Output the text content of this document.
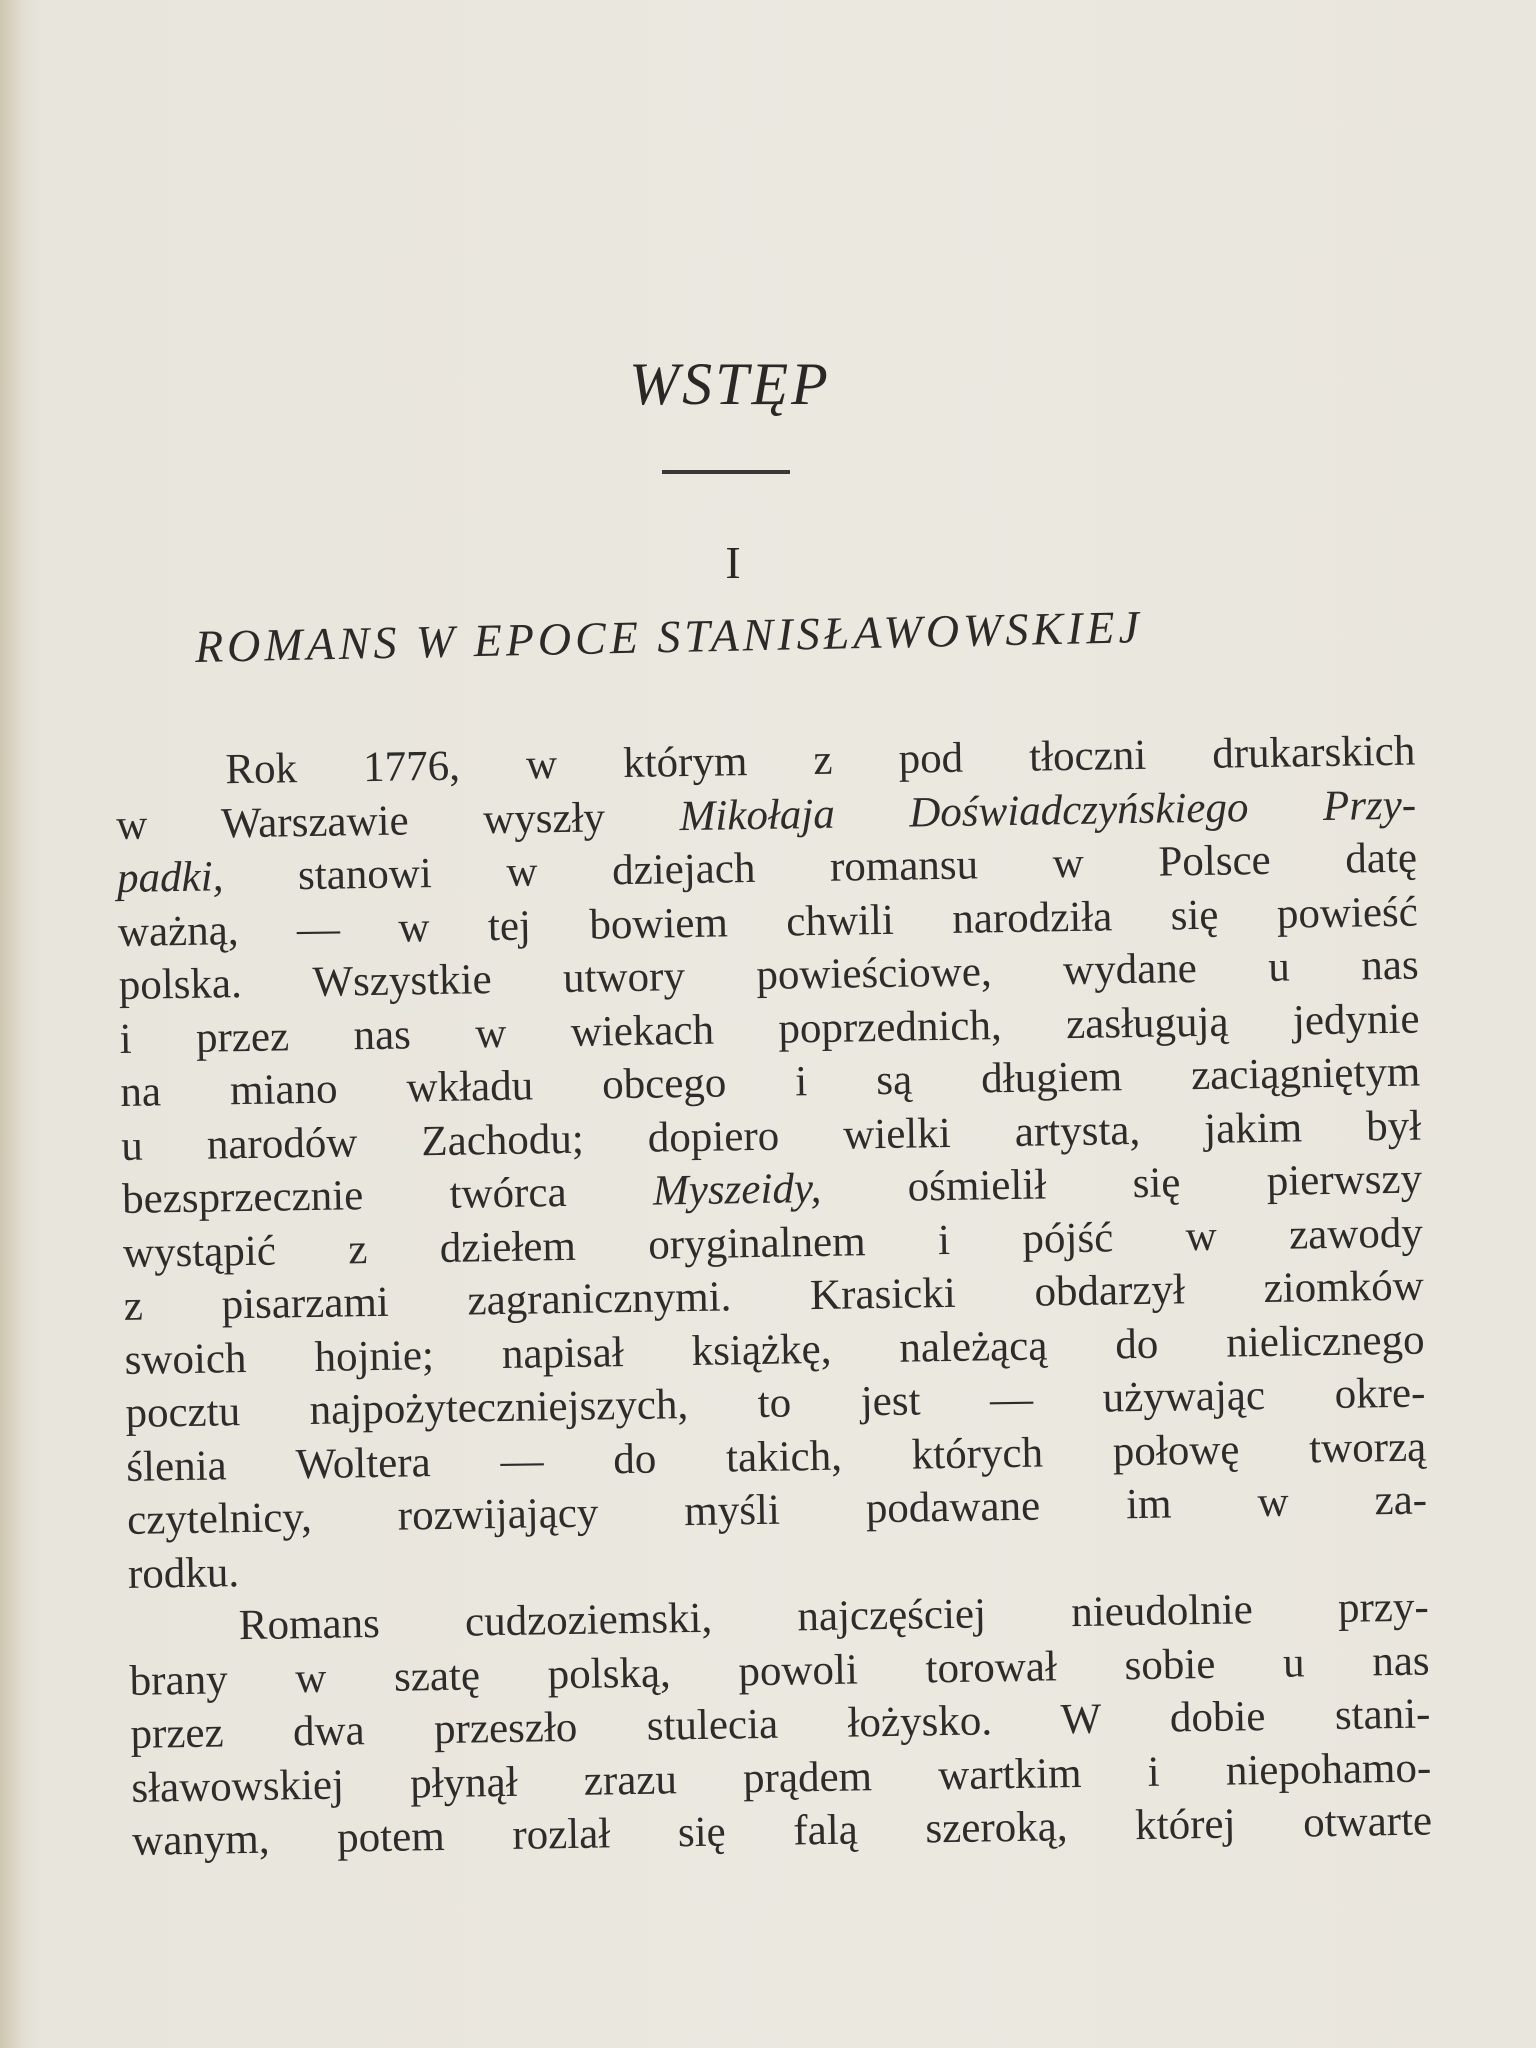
WSTĘP
I
ROMANS W EPOCE STANISŁAWOWSKIEJ
Rok 1776, w którym z pod tłoczni drukarskich
w Warszawie wyszły Mikołaja Doświadczyńskiego Przy-
padki, stanowi w dziejach romansu w Polsce datę
ważną, — w tej bowiem chwili narodziła się powieść
polska. Wszystkie utwory powieściowe, wydane u nas
i przez nas w wiekach poprzednich, zasługują jedynie
na miano wkładu obcego i są długiem zaciągniętym
u narodów Zachodu; dopiero wielki artysta, jakim był
bezsprzecznie twórca Myszeidy, ośmielił się pierwszy
wystąpić z dziełem oryginalnem i pójść w zawody
z pisarzami zagranicznymi. Krasicki obdarzył ziomków
swoich hojnie; napisał książkę, należącą do nielicznego
pocztu najpożyteczniejszych, to jest — używając okre-
ślenia Woltera — do takich, których połowę tworzą
czytelnicy, rozwijający myśli podawane im w za-
rodku.
Romans cudzoziemski, najczęściej nieudolnie przy-
brany w szatę polską, powoli torował sobie u nas
przez dwa przeszło stulecia łożysko. W dobie stani-
sławowskiej płynął zrazu prądem wartkim i niepohamo-
wanym, potem rozlał się falą szeroką, której otwarte
